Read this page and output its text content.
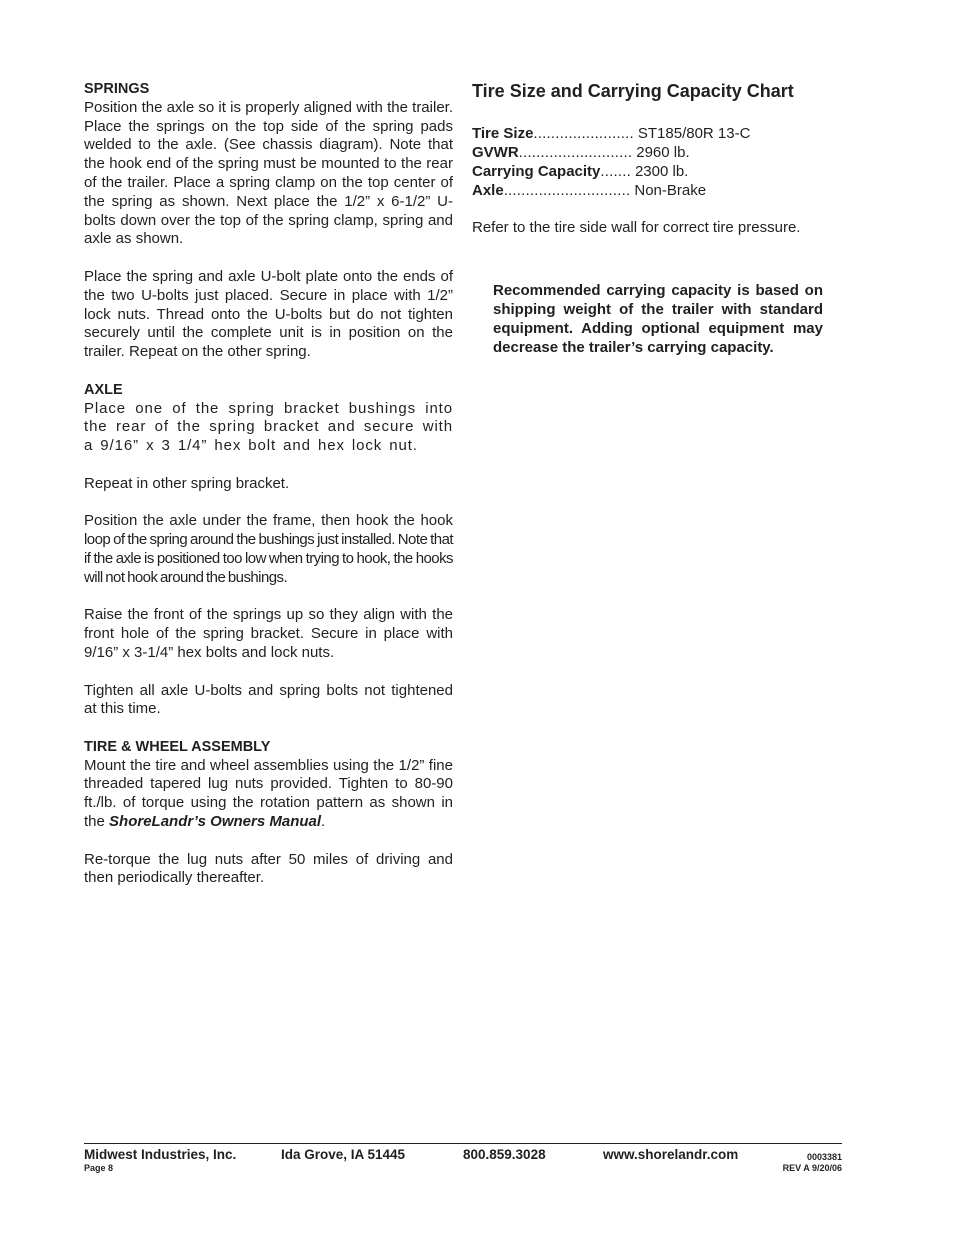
SPRINGS

Position the axle so it is properly aligned with the trailer. Place the springs on the top side of the spring pads welded to the axle. (See chassis diagram). Note that the hook end of the spring must be mounted to the rear of the trailer. Place a spring clamp on the top center of the spring as shown. Next place the 1/2” x 6-1/2” U-bolts down over the top of the spring clamp, spring and axle as shown.

Place the spring and axle U-bolt plate onto the ends of the two U-bolts just placed. Secure in place with 1/2” lock nuts. Thread onto the U-bolts but do not tighten securely until the complete unit is in position on the trailer. Repeat on the other spring.

AXLE

Place one of the spring bracket bushings into the rear of the spring bracket and secure with a 9/16” x 3 1/4” hex bolt and hex lock nut.

Repeat in other spring bracket.

Position the axle under the frame, then hook the hook loop of the spring around the bushings just installed. Note that if the axle is positioned too low when trying to hook, the hooks will not hook around the bushings.

Raise the front of the springs up so they align with the front hole of the spring bracket. Secure in place with 9/16” x 3-1/4” hex bolts and lock nuts.

Tighten all axle U-bolts and spring bolts not tightened at this time.

TIRE & WHEEL ASSEMBLY

Mount the tire and wheel assemblies using the 1/2” fine threaded tapered lug nuts provided. Tighten to 80-90 ft./lb. of torque using the rotation pattern as shown in the ShoreLandr’s Owners Manual.

Re-torque the lug nuts after 50 miles of driving and then periodically thereafter.

Tire Size and Carrying Capacity Chart
Tire Size ....................... ST185/80R 13-C
GVWR .......................... 2960 lb.
Carrying Capacity ....... 2300 lb.
Axle ............................. Non-Brake

Refer to the tire side wall for correct tire pressure.

Recommended carrying capacity is based on shipping weight of the trailer with standard equipment. Adding optional equipment may decrease the trailer’s carrying capacity.
Midwest Industries, Inc.	Ida Grove, IA 51445	800.859.3028	www.shorelandr.com
Page 8
0003381
REV A 9/20/06
